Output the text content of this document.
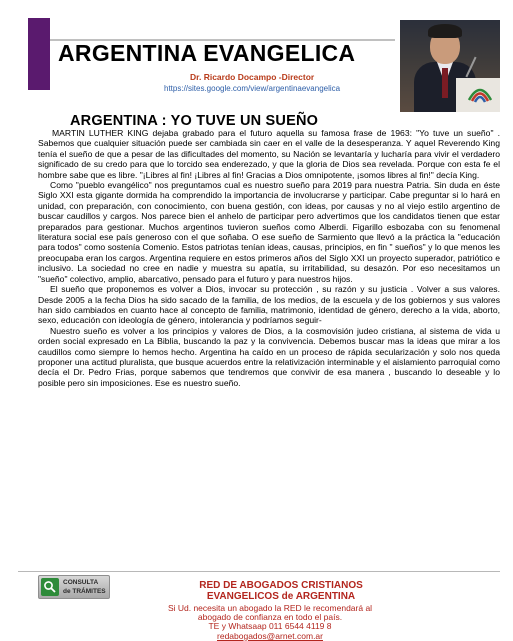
ARGENTINA EVANGELICA
Dr. Ricardo Docampo -Director
https://sites.google.com/view/argentinaevangelica
ARGENTINA : YO TUVE UN SUEÑO

MARTIN LUTHER KING dejaba grabado para el futuro aquella su famosa frase de 1963: "Yo tuve un sueño" . Sabemos que cualquier situación puede ser cambiada sin caer en el valle de la desesperanza. Y aquel Reverendo King tenía el sueño de que a pesar de las dificultades del momento, su Nación se levantaría y lucharía para vivir el verdadero significado de su credo para que lo torcido sea enderezado, y que la gloria de Dios sea revelada. Porque con esta fe el hombre sabe que es libre. "¡Libres al fin! ¡Libres al fin! Gracias a Dios omnipotente, ¡somos libres al fin!" decía King.

Como "pueblo evangélico" nos preguntamos cual es nuestro sueño para 2019 para nuestra Patria. Sin duda en éste Siglo XXI esta gigante dormida ha comprendido la importancia de involucrarse y participar. Cabe preguntar si lo hará en unidad, con preparación, con conocimiento, con buena gestión, con ideas, por causas y no al viejo estilo argentino de buscar caudillos y cargos. Nos parece bien el anhelo de participar pero advertimos que los candidatos tienen que estar preparados para gestionar. Muchos argentinos tuvieron sueños como Alberdi. Figarillo esbozaba con su fenomenal literatura social ese país generoso con el que soñaba. O ese sueño de Sarmiento que llevó a la práctica la "educación para todos" como sostenía Comenio. Estos patriotas tenían ideas, causas, principios, en fin " sueños" y lo que menos les preocupaba eran los cargos. Argentina requiere en estos primeros años del Siglo XXI un proyecto superador, patriótico e inclusivo. La sociedad no cree en nadie y muestra su apatía, su irritabilidad, su desazón. Por eso necesitamos un "sueño" colectivo, amplio, abarcativo, pensado para el futuro y para nuestros hijos.

El sueño que proponemos es volver a Dios, invocar su protección , su razón y su justicia . Volver a sus valores. Desde 2005 a la fecha Dios ha sido sacado de la familia, de los medios, de la escuela y de los gobiernos y sus valores han sido cambiados en cuanto hace al concepto de familia, matrimonio, identidad de género, derecho a la vida, aborto, sexo, educación con ideología de género, intolerancia y podríamos seguir-

Nuestro sueño es volver a los principios y valores de Dios, a la cosmovisión judeo cristiana, al sistema de vida u orden social expresado en La Biblia, buscando la paz y la convivencia. Debemos buscar mas la ideas que mirar a los caudillos como siempre lo hemos hecho. Argentina ha caído en un proceso de rápida secularización y solo nos queda proponer una actitud pluralista, que busque acuerdos entre la relativización interminable y el aislamiento parroquial como decía el Dr. Pedro Frias, porque sabemos que tendremos que convivir de esa manera , buscando lo deseable y lo posible pero sin imposiciones. Ese es nuestro sueño.

CONSULTA
de TRÁMITES
RED DE ABOGADOS CRISTIANOS
EVANGELICOS de ARGENTINA
Si Ud. necesita un abogado la RED le recomendará al
abogado de confianza en todo el país.
TE y Whatsaap 011 6544 4119 8
redabogados@arnet.com.ar
